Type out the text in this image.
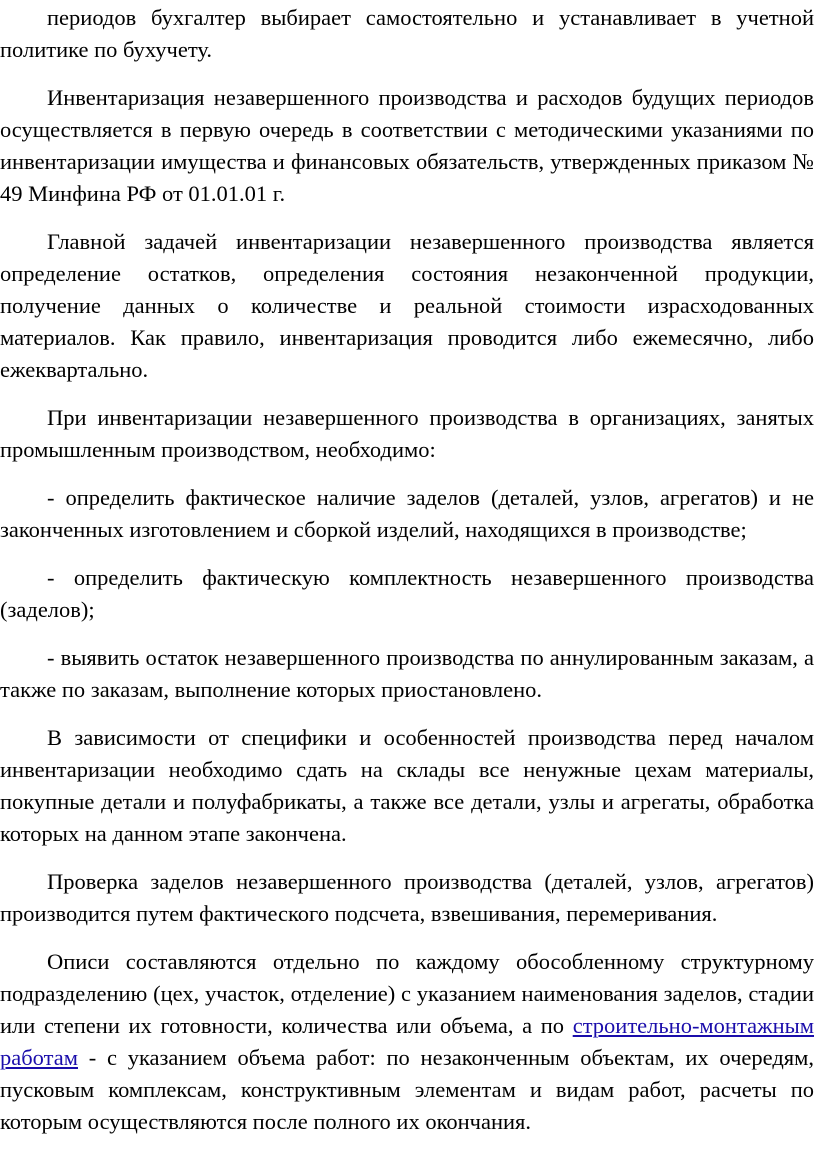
периодов бухгалтер выбирает самостоятельно и устанавливает в учетной политике по бухучету.

Инвентаризация незавершенного производства и расходов будущих периодов осуществляется в первую очередь в соответствии с методическими указаниями по инвентаризации имущества и финансовых обязательств, утвержденных приказом № 49 Минфина РФ от 01.01.01 г.

Главной задачей инвентаризации незавершенного производства является определение остатков, определения состояния незаконченной продукции, получение данных о количестве и реальной стоимости израсходованных материалов. Как правило, инвентаризация проводится либо ежемесячно, либо ежеквартально.

При инвентаризации незавершенного производства в организациях, занятых промышленным производством, необходимо:

- определить фактическое наличие заделов (деталей, узлов, агрегатов) и не законченных изготовлением и сборкой изделий, находящихся в производстве;

- определить фактическую комплектность незавершенного производства (заделов);

- выявить остаток незавершенного производства по аннулированным заказам, а также по заказам, выполнение которых приостановлено.

В зависимости от специфики и особенностей производства перед началом инвентаризации необходимо сдать на склады все ненужные цехам материалы, покупные детали и полуфабрикаты, а также все детали, узлы и агрегаты, обработка которых на данном этапе закончена.

Проверка заделов незавершенного производства (деталей, узлов, агрегатов) производится путем фактического подсчета, взвешивания, перемеривания.

Описи составляются отдельно по каждому обособленному структурному подразделению (цех, участок, отделение) с указанием наименования заделов, стадии или степени их готовности, количества или объема, а по строительно-монтажным работам - с указанием объема работ: по незаконченным объектам, их очередям, пусковым комплексам, конструктивным элементам и видам работ, расчеты по которым осуществляются после полного их окончания.
